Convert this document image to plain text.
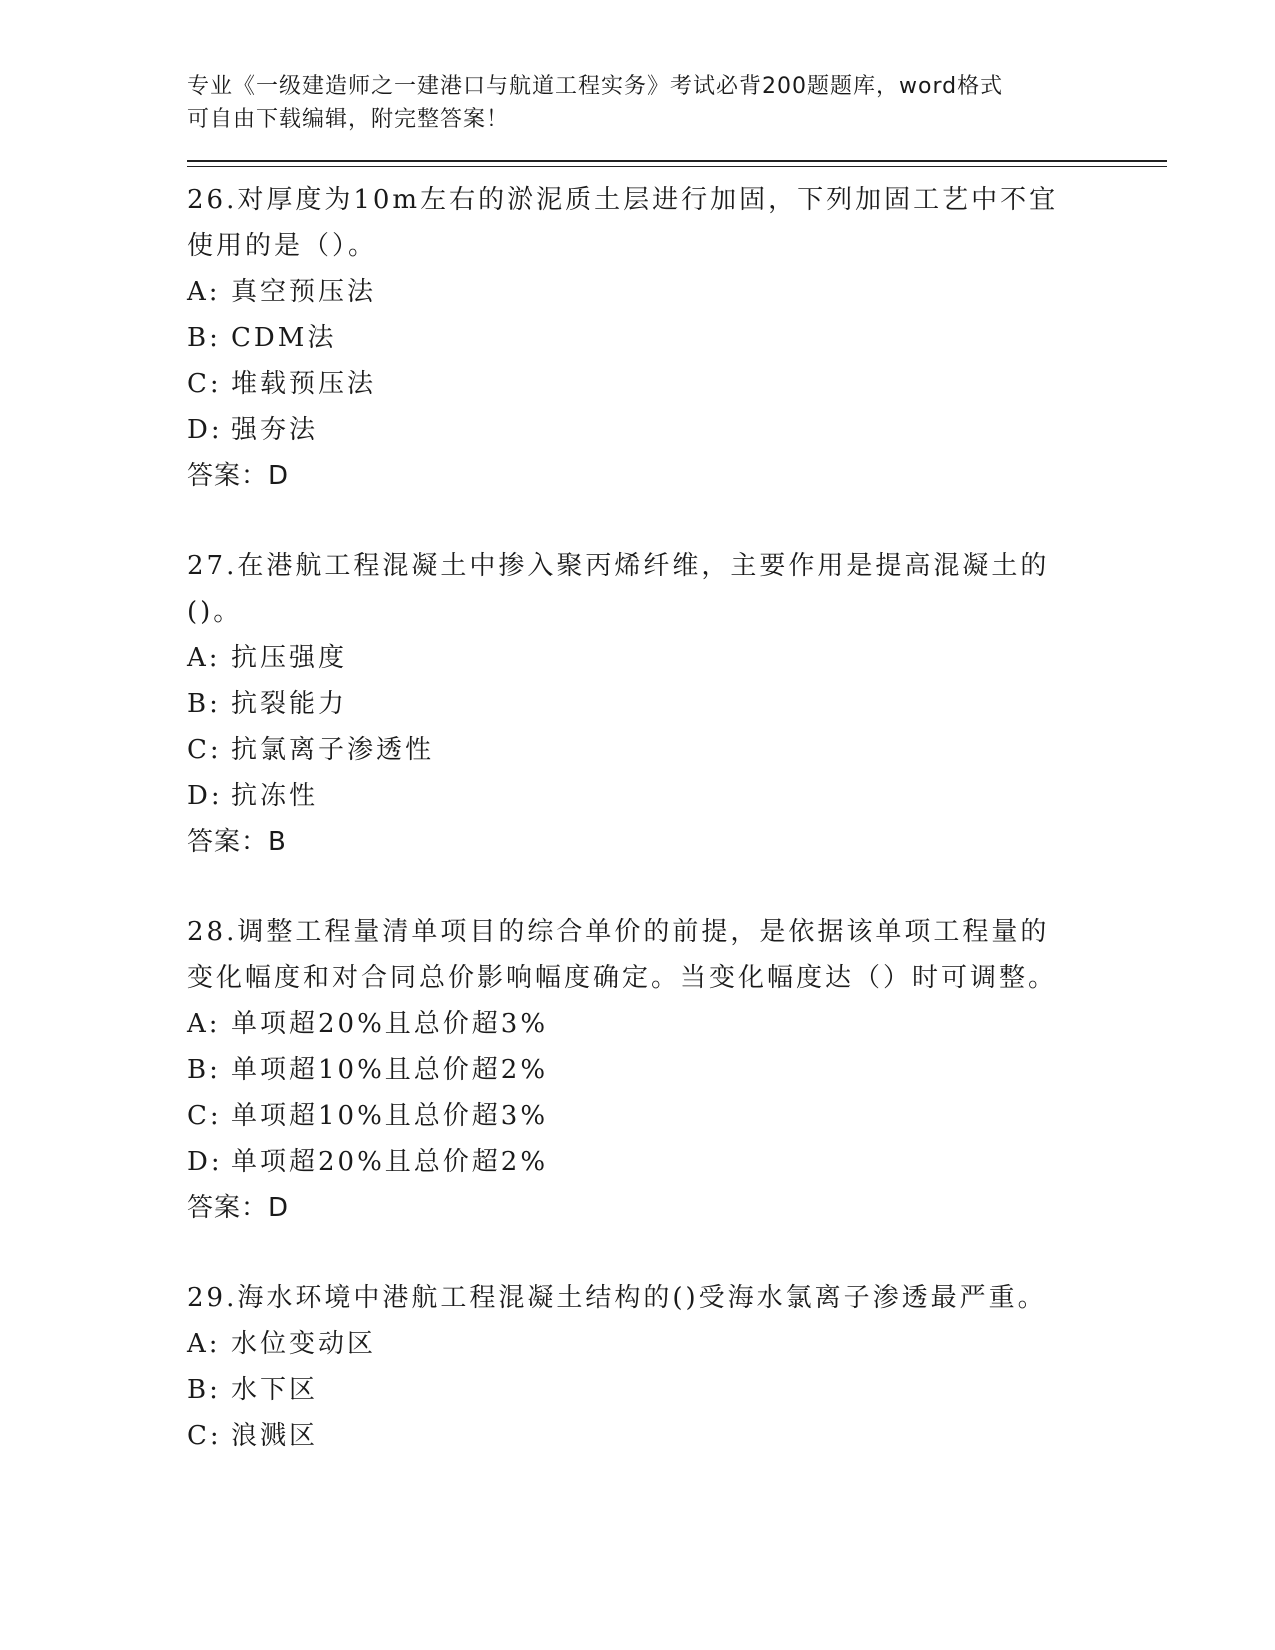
专业《一级建造师之一建港口与航道工程实务》考试必背200题题库，word格式
可自由下载编辑，附完整答案！
26.对厚度为10m左右的淤泥质土层进行加固，下列加固工艺中不宜使用的是（）。
A: 真空预压法
B: CDM法
C: 堆载预压法
D: 强夯法
答案：D
27.在港航工程混凝土中掺入聚丙烯纤维，主要作用是提高混凝土的()。
A: 抗压强度
B: 抗裂能力
C: 抗氯离子渗透性
D: 抗冻性
答案：B
28.调整工程量清单项目的综合单价的前提，是依据该单项工程量的变化幅度和对合同总价影响幅度确定。当变化幅度达（）时可调整。
A: 单项超20%且总价超3%
B: 单项超10%且总价超2%
C: 单项超10%且总价超3%
D: 单项超20%且总价超2%
答案：D
29.海水环境中港航工程混凝土结构的()受海水氯离子渗透最严重。
A: 水位变动区
B: 水下区
C: 浪溅区
